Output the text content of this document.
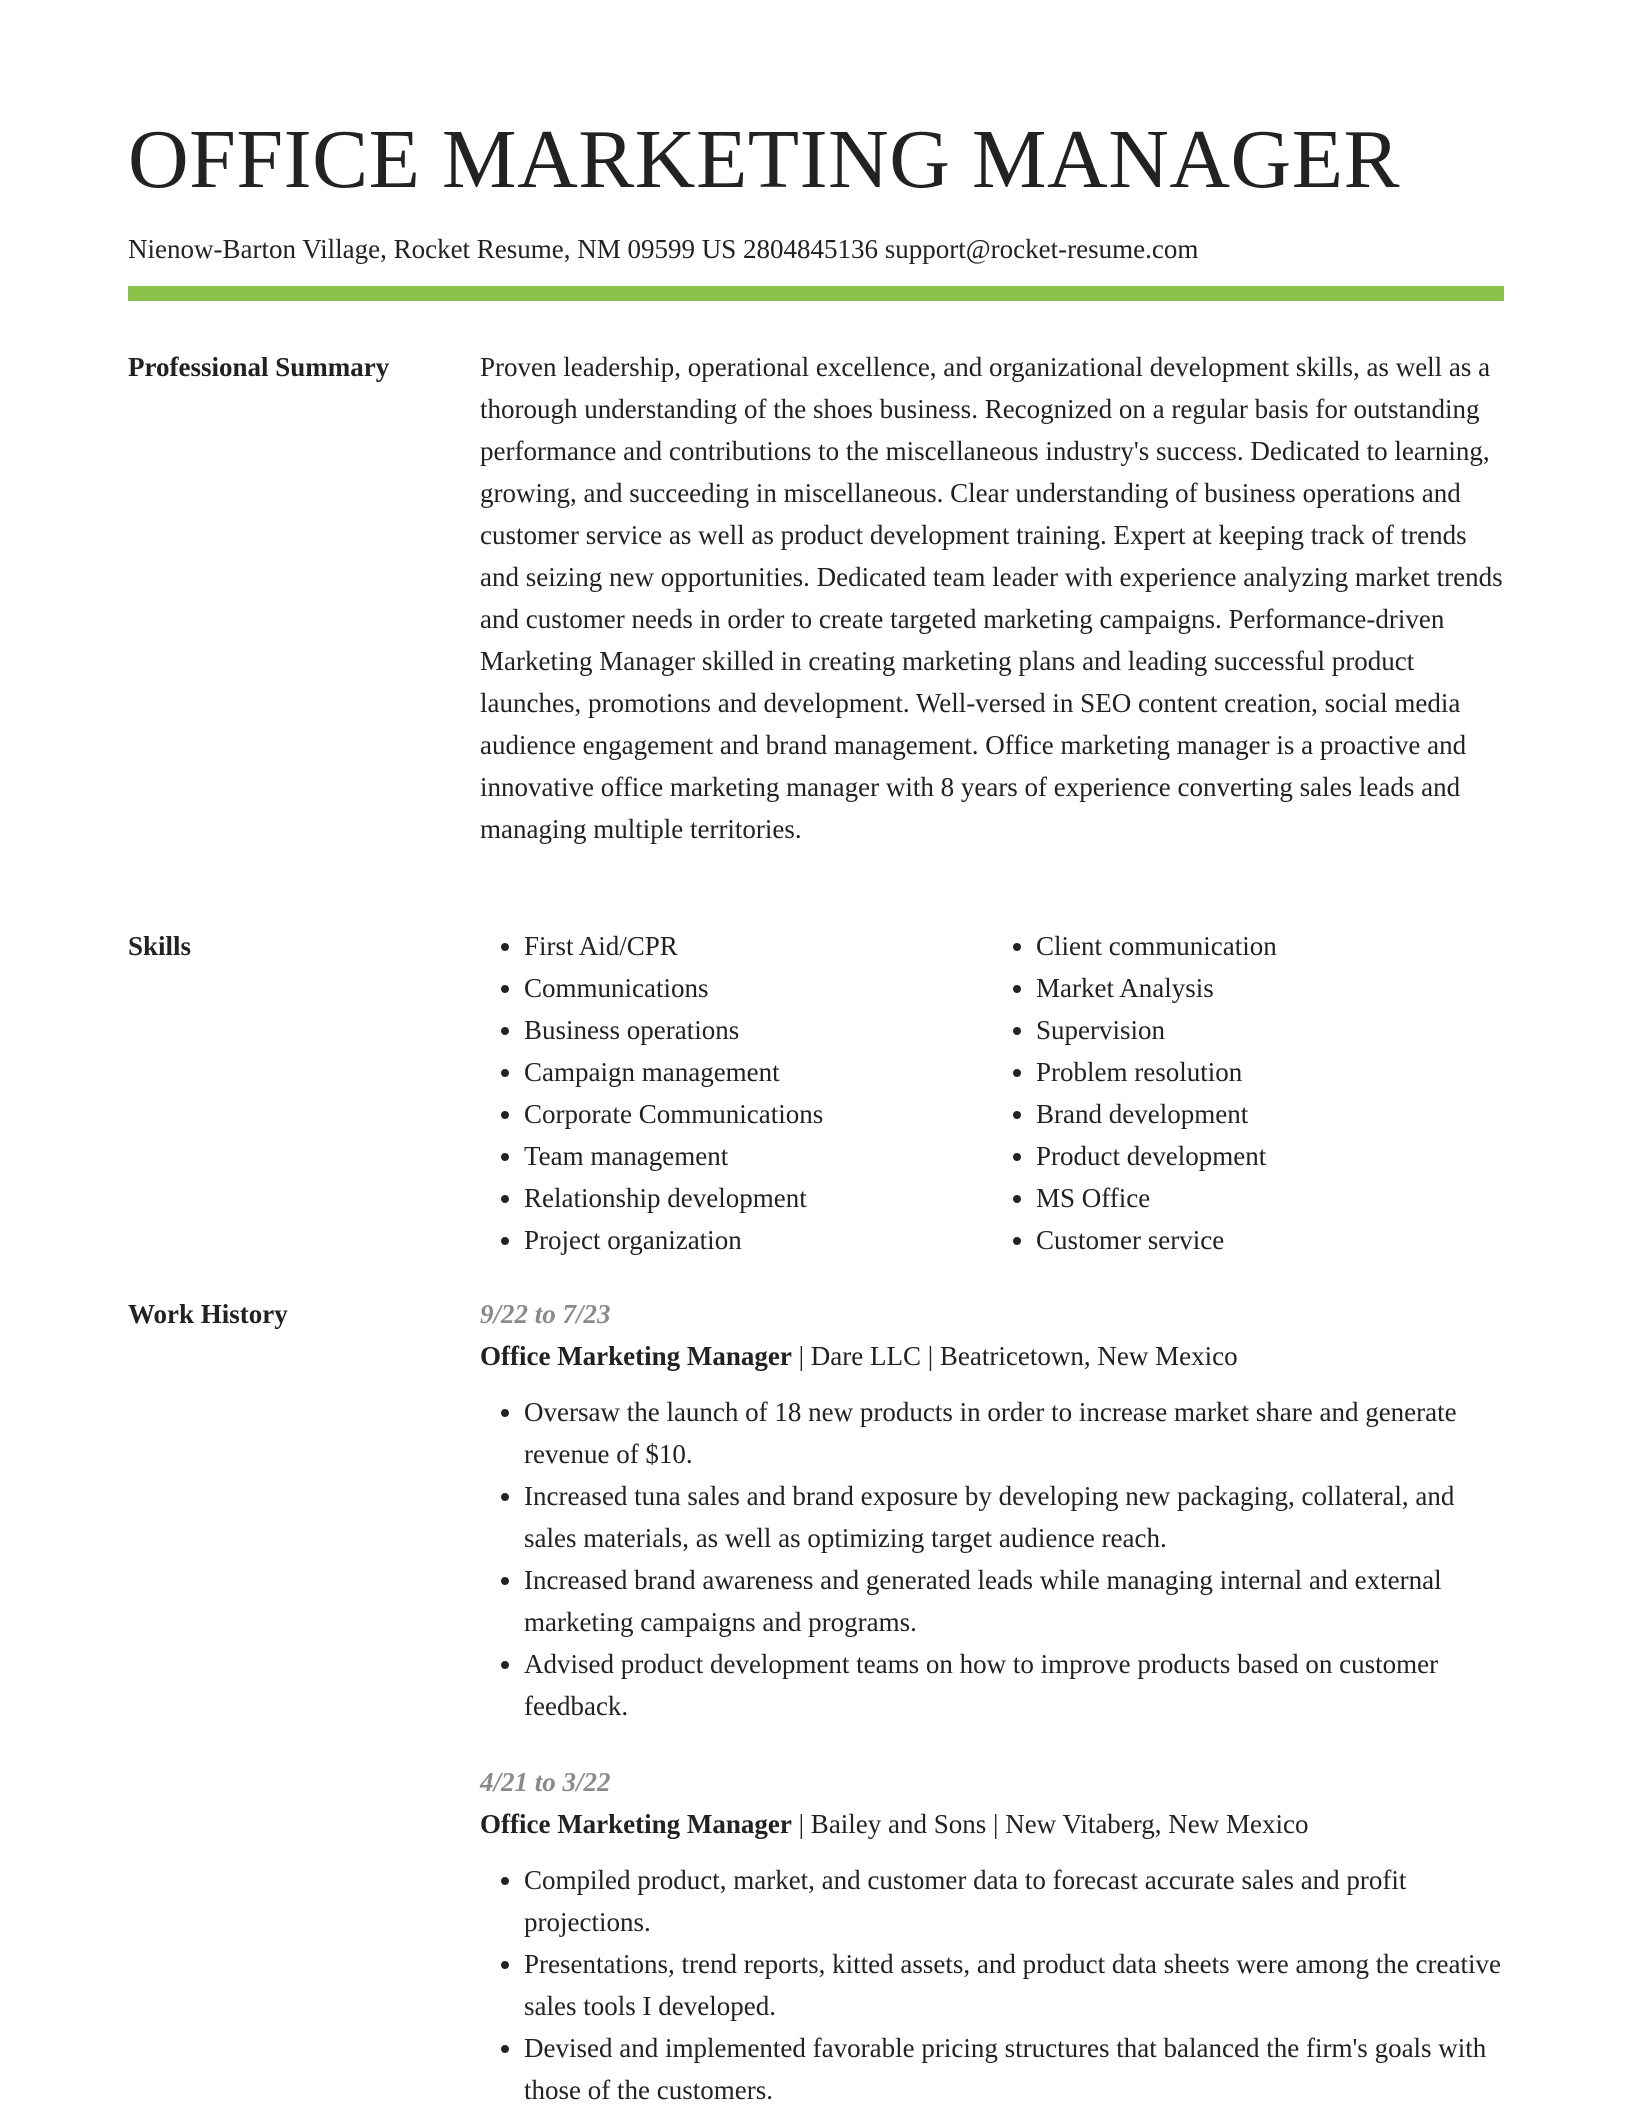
OFFICE MARKETING MANAGER
Nienow-Barton Village, Rocket Resume, NM 09599 US 2804845136 support@rocket-resume.com
Professional Summary	Proven leadership, operational excellence, and organizational development skills, as well as a thorough understanding of the shoes business. Recognized on a regular basis for outstanding performance and contributions to the miscellaneous industry's success. Dedicated to learning, growing, and succeeding in miscellaneous. Clear understanding of business operations and customer service as well as product development training. Expert at keeping track of trends and seizing new opportunities. Dedicated team leader with experience analyzing market trends and customer needs in order to create targeted marketing campaigns. Performance-driven Marketing Manager skilled in creating marketing plans and leading successful product launches, promotions and development. Well-versed in SEO content creation, social media audience engagement and brand management. Office marketing manager is a proactive and innovative office marketing manager with 8 years of experience converting sales leads and managing multiple territories.

Skills
•	First Aid/CPR
• Communications
• Business operations
• Campaign management
• Corporate Communications
• Team management
• Relationship development
• Project organization
• Client communication
• Market Analysis
• Supervision
• Problem resolution
• Brand development
• Product development
• MS Office
• Customer service
Work History	9/22 to 7/23
Office Marketing Manager | Dare LLC | Beatricetown, New Mexico
• Oversaw the launch of 18 new products in order to increase market share and generate revenue of $10.
• Increased tuna sales and brand exposure by developing new packaging, collateral, and sales materials, as well as optimizing target audience reach.
• Increased brand awareness and generated leads while managing internal and external marketing campaigns and programs.
• Advised product development teams on how to improve products based on customer feedback.
4/21 to 3/22
Office Marketing Manager | Bailey and Sons | New Vitaberg, New Mexico
• Compiled product, market, and customer data to forecast accurate sales and profit projections.
• Presentations, trend reports, kitted assets, and product data sheets were among the creative sales tools I developed.
• Devised and implemented favorable pricing structures that balanced the firm's goals with those of the customers.
